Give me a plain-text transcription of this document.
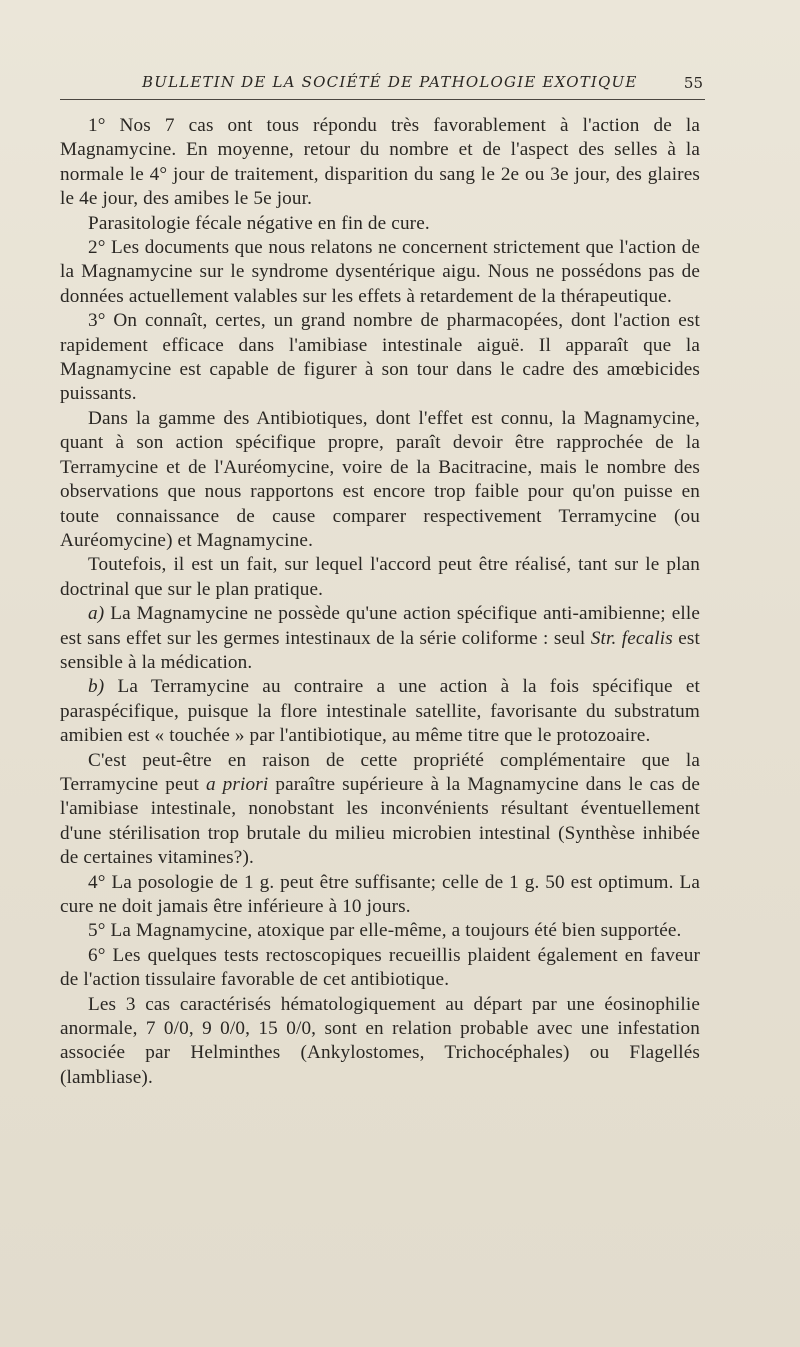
BULLETIN DE LA SOCIÉTÉ DE PATHOLOGIE EXOTIQUE	55

1° Nos 7 cas ont tous répondu très favorablement à l'action de la Magnamycine. En moyenne, retour du nombre et de l'aspect des selles à la normale le 4° jour de traitement, disparition du sang le 2e ou 3e jour, des glaires le 4e jour, des amibes le 5e jour.

Parasitologie fécale négative en fin de cure.

2° Les documents que nous relatons ne concernent strictement que l'action de la Magnamycine sur le syndrome dysentérique aigu. Nous ne possédons pas de données actuellement valables sur les effets à retardement de la thérapeutique.

3° On connaît, certes, un grand nombre de pharmacopées, dont l'action est rapidement efficace dans l'amibiase intestinale aiguë. Il apparaît que la Magnamycine est capable de figurer à son tour dans le cadre des amœbicides puissants.

Dans la gamme des Antibiotiques, dont l'effet est connu, la Magnamycine, quant à son action spécifique propre, paraît devoir être rapprochée de la Terramycine et de l'Auréomycine, voire de la Bacitracine, mais le nombre des observations que nous rapportons est encore trop faible pour qu'on puisse en toute connaissance de cause comparer respectivement Terramycine (ou Auréomycine) et Magnamycine.

Toutefois, il est un fait, sur lequel l'accord peut être réalisé, tant sur le plan doctrinal que sur le plan pratique.

a) La Magnamycine ne possède qu'une action spécifique anti-amibienne; elle est sans effet sur les germes intestinaux de la série coliforme : seul Str. fecalis est sensible à la médication.

b) La Terramycine au contraire a une action à la fois spécifique et paraspécifique, puisque la flore intestinale satellite, favorisante du substratum amibien est « touchée » par l'antibiotique, au même titre que le protozoaire.

C'est peut-être en raison de cette propriété complémentaire que la Terramycine peut a priori paraître supérieure à la Magnamycine dans le cas de l'amibiase intestinale, nonobstant les inconvénients résultant éventuellement d'une stérilisation trop brutale du milieu microbien intestinal (Synthèse inhibée de certaines vitamines?).

4° La posologie de 1 g. peut être suffisante; celle de 1 g. 50 est optimum. La cure ne doit jamais être inférieure à 10 jours.

5° La Magnamycine, atoxique par elle-même, a toujours été bien supportée.

6° Les quelques tests rectoscopiques recueillis plaident également en faveur de l'action tissulaire favorable de cet antibiotique.

Les 3 cas caractérisés hématologiquement au départ par une éosinophilie anormale, 7 0/0, 9 0/0, 15 0/0, sont en relation probable avec une infestation associée par Helminthes (Ankylostomes, Trichocéphales) ou Flagellés (lambliase).
